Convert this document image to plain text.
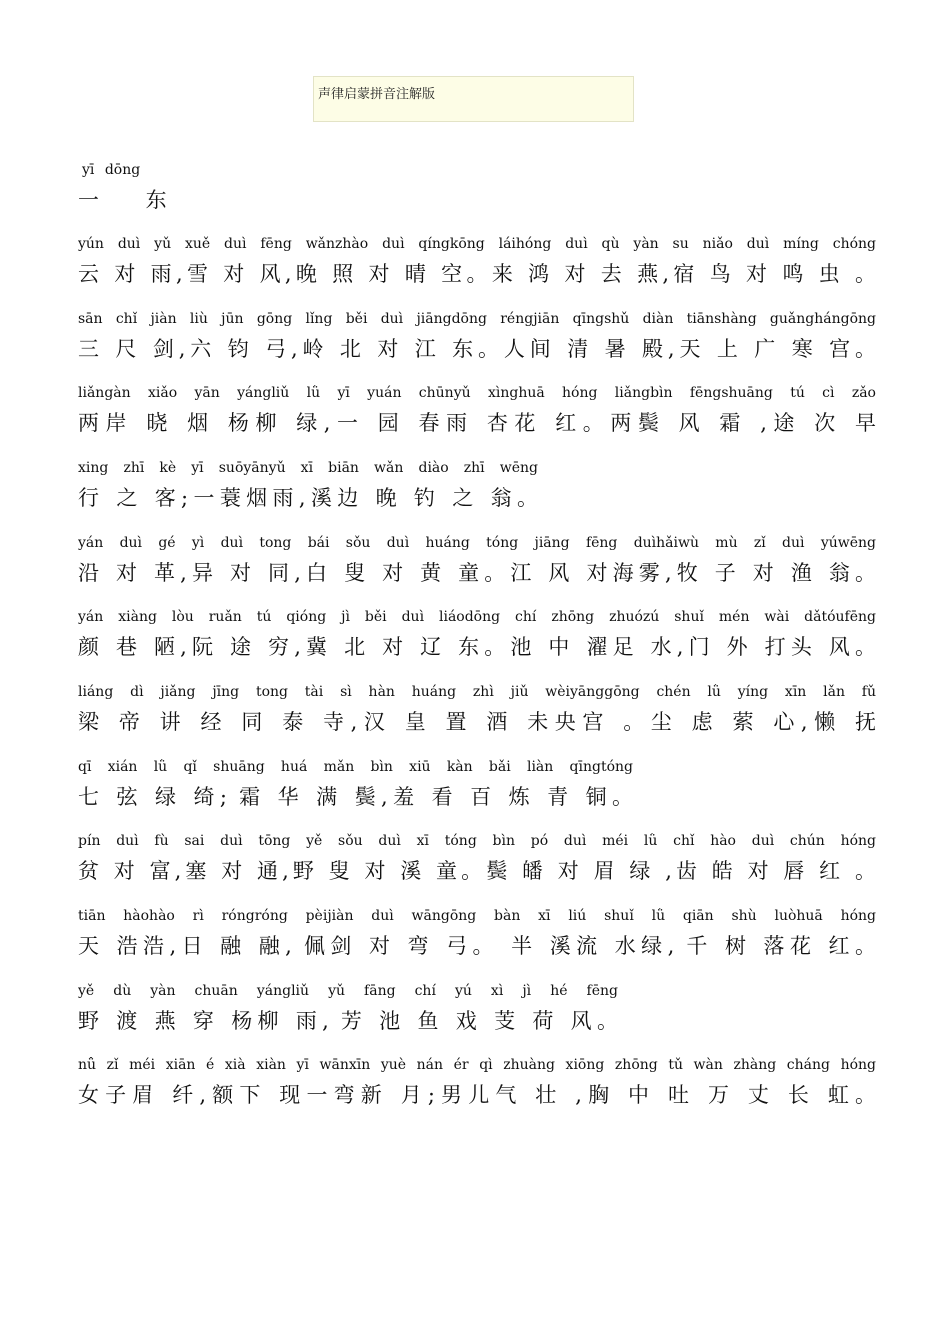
声律启蒙拼音注解版
yī dōng
一 东
yún duì yǔ xuě duì fēng wǎnzhào duì qíngkōng láihóng duì qù yàn su niǎo duì míng chóng
云 对 雨,雪 对 风,晚 照 对 晴 空。来 鸿 对 去 燕,宿 鸟 对 鸣 虫 。
sān chǐ jiàn liù jūn gōng lǐng běi duì jiāngdōng réngjiān qīngshǔ diàn tiānshàng guǎnghángōng
三 尺 剑,六 钧 弓,岭 北 对 江 东。人间 清 暑 殿,天 上 广 寒 宫。
liǎngàn xiǎo yān yángliǔ lǜ yī yuán chūnyǔ xìnghuā hóng liǎngbìn fēngshuāng tú cì zǎo
两岸 晓 烟 杨柳 绿,一 园 春雨 杏花 红。两鬓 风 霜 ,途 次 早
xing zhī kè yī suōyānyǔ xī biān wǎn diào zhī wēng
行 之 客;一蓑烟雨,溪边 晚 钓 之 翁。
yán duì gé yì duì tong bái sǒu duì huáng tóng jiāng fēng duìhǎiwù mù zǐ duì yúwēng
沿 对 革,异 对 同,白 叟 对 黄 童。江 风 对海雾,牧 子 对 渔 翁。
yán xiàng lòu ruǎn tú qióng jì běi duì liáodōng chí zhōng zhuózú shuǐ mén wài dǎtóufēng
颜 巷 陋,阮 途 穷,冀 北 对 辽 东。池 中 濯足 水,门 外 打头 风。
liáng dì jiǎng jīng tong tài sì hàn huáng zhì jiǔ wèiyānggōng chén lǜ yíng xīn lǎn fǔ
梁 帝 讲 经 同 泰 寺,汉 皇 置 酒 未央宫 。尘 虑 萦 心,懒 抚
qī xián lǜ qǐ shuāng huá mǎn bìn xiū kàn bǎi liàn qīngtóng
七 弦 绿 绮; 霜 华 满 鬓,羞 看 百 炼 青 铜。
pín duì fù sai duì tōng yě sǒu duì xī tóng bìn pó duì méi lǜ chǐ hào duì chún hóng
贫 对 富,塞 对 通,野 叟 对 溪 童。鬓 皤 对 眉 绿 ,齿 皓 对 唇 红 。
tiān hàohào rì róngróng pèijiàn duì wāngōng bàn xī liú shuǐ lǜ qiān shù luòhuā hóng
天 浩浩,日 融 融, 佩剑 对 弯 弓。 半 溪流 水绿, 千 树 落花 红。
yě dù yàn chuān yángliǔ yǔ fāng chí yú xì jì hé fēng
野 渡 燕 穿 杨柳 雨, 芳 池 鱼 戏 芰 荷 风。
nǚ zǐ méi xiān é xià xiàn yī wānxīn yuè nán ér qì zhuàng xiōng zhōng tǔ wàn zhàng cháng hóng
女子眉 纤,额下 现一弯新 月;男儿气 壮 ,胸 中 吐 万 丈 长 虹。
